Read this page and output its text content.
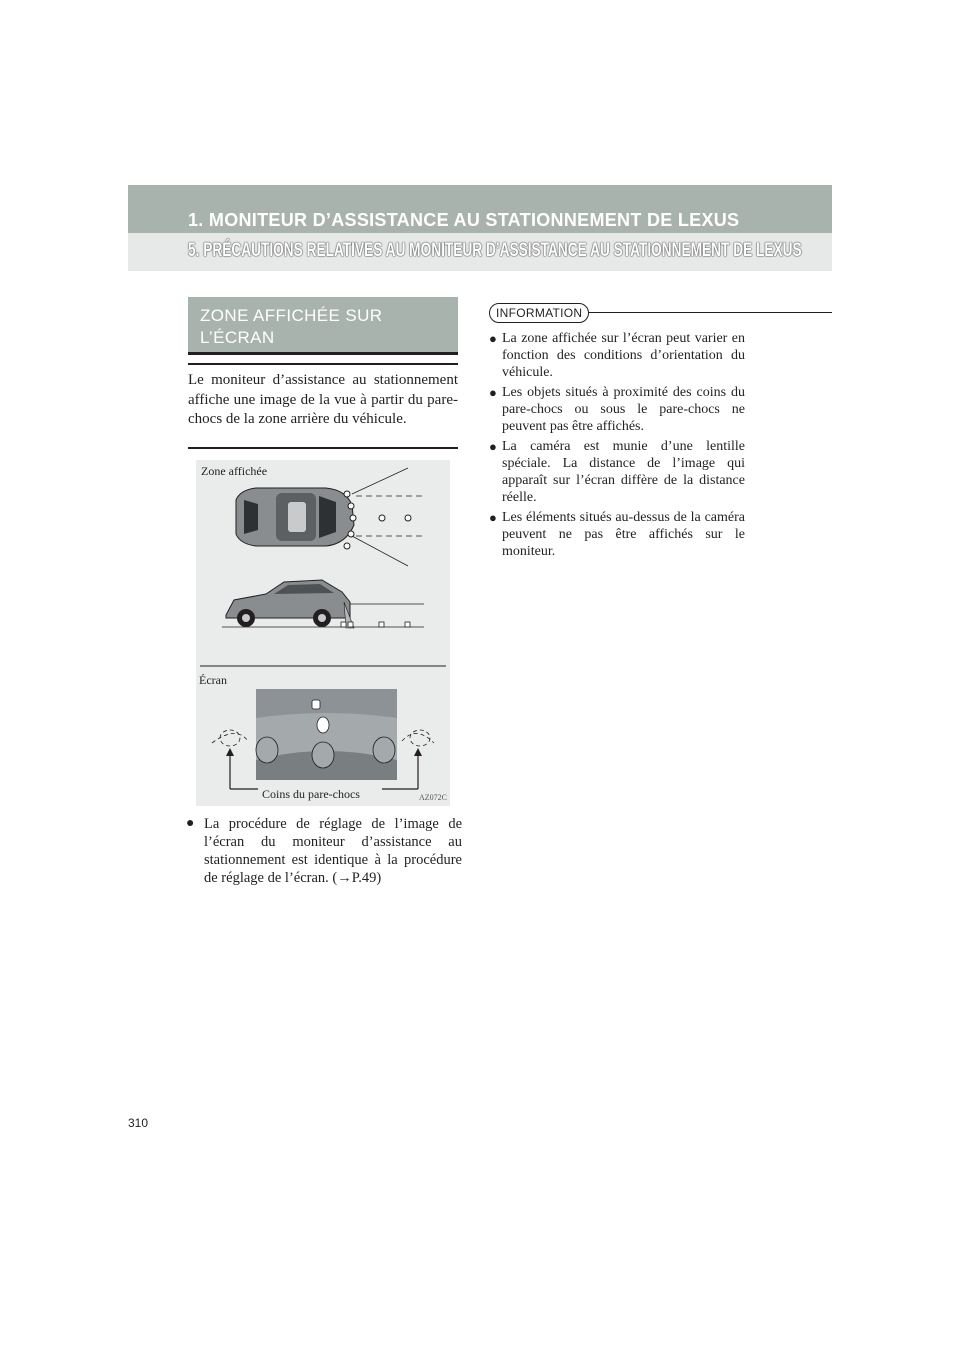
1. MONITEUR D’ASSISTANCE AU STATIONNEMENT DE LEXUS
5. PRÉCAUTIONS RELATIVES AU MONITEUR D’ASSISTANCE AU STATIONNEMENT DE LEXUS
ZONE AFFICHÉE SUR L’ÉCRAN

Le moniteur d’assistance au stationnement affiche une image de la vue à partir du pare-chocs de la zone arrière du véhicule.

Zone affichée
Écran
Coins du pare-chocs	AZ072C
● La procédure de réglage de l’image de l’écran du moniteur d’assistance au stationnement est identique à la procédure de réglage de l’écran. (→P.49)
INFORMATION
● La zone affichée sur l’écran peut varier en fonction des conditions d’orientation du véhicule.
● Les objets situés à proximité des coins du pare-chocs ou sous le pare-chocs ne peuvent pas être affichés.
● La caméra est munie d’une lentille spéciale. La distance de l’image qui apparaît sur l’écran diffère de la distance réelle.
● Les éléments situés au-dessus de la caméra peuvent ne pas être affichés sur le moniteur.
310
